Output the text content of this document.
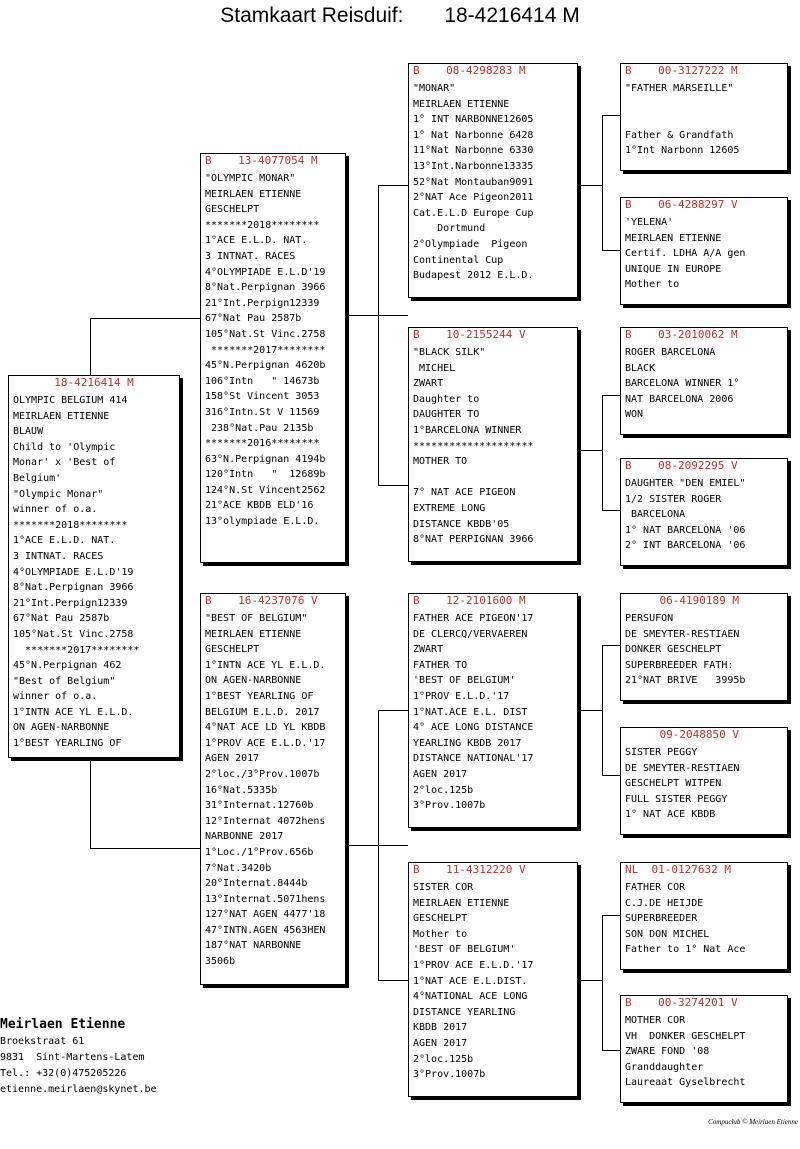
Stamkaart Reisduif:       18-4216414 M
18-4216414 M
OLYMPIC BELGIUM 414
MEIRLAEN ETIENNE
BLAUW
Child to 'Olympic
Monar' x 'Best of
Belgium'
"Olympic Monar"
winner of o.a.
*******2018********
1°ACE E.L.D. NAT.
3 INTNAT. RACES
4°OLYMPIADE E.L.D'19
8°Nat.Perpignan 3966
21°Int.Perpign12339
67°Nat Pau 2587b
105°Nat.St Vinc.2758
*******2017********
45°N.Perpignan 462
"Best of Belgium"
winner of o.a.
1°INTN ACE YL E.L.D.
ON AGEN-NARBONNE
1°BEST YEARLING OF
B    13-4077054 M
"OLYMPIC MONAR"
MEIRLAEN ETIENNE
GESCHELPT
*******2018********
1°ACE E.L.D. NAT.
3 INTNAT. RACES
4°OLYMPIADE E.L.D'19
8°Nat.Perpignan 3966
21°Int.Perpign12339
67°Nat Pau 2587b
105°Nat.St Vinc.2758
*******2017********
45°N.Perpignan 4620b
106°Intn   " 14673b
158°St Vincent 3053
316°Intn.St V 11569
238°Nat.Pau 2135b
*******2016********
63°N.Perpignan 4194b
120°Intn   "  12689b
124°N.St Vincent2562
21°ACE KBDB ELD'16
13°olympiade E.L.D.
B    16-4237076 V
"BEST OF BELGIUM"
MEIRLAEN ETIENNE
GESCHELPT
1°INTN ACE YL E.L.D.
ON AGEN-NARBONNE
1°BEST YEARLING OF
BELGIUM E.L.D. 2017
4°NAT ACE LD YL KBDB
1°PROV ACE E.L.D.'17
AGEN 2017
2°loc./3°Prov.1007b
16°Nat.5335b
31°Internat.12760b
12°Internat 4072hens
NARBONNE 2017
1°Loc./1°Prov.656b
7°Nat.3420b
20°Internat.8444b
13°Internat.5071hens
127°NAT AGEN 4477'18
47°INTN.AGEN 4563HEN
187°NAT NARBONNE
3506b
B    08-4298283 M
"MONAR"
MEIRLAEN ETIENNE
1° INT NARBONNE12605
1° Nat Narbonne 6428
11°Nat Narbonne 6330
13°Int.Narbonne13335
52°Nat Montauban9091
2°NAT Ace Pigeon2011
Cat.E.L.D Europe Cup
Dortmund
2°Olympiade  Pigeon
Continental Cup
Budapest 2012 E.L.D.
B    10-2155244 V
"BLACK SILK"
MICHEL
ZWART
Daughter to
DAUGHTER TO
1°BARCELONA WINNER
********************
MOTHER TO

7° NAT ACE PIGEON
EXTREME LONG
DISTANCE KBDB'05
8°NAT PERPIGNAN 3966
B    12-2101600 M
FATHER ACE PIGEON'17
DE CLERCQ/VERVAEREN
ZWART
FATHER TO
'BEST OF BELGIUM'
1°PROV E.L.D.'17
1°NAT.ACE E.L. DIST
4° ACE LONG DISTANCE
YEARLING KBDB 2017
DISTANCE NATIONAL'17
AGEN 2017
2°loc.125b
3°Prov.1007b
B    11-4312220 V
SISTER COR
MEIRLAEN ETIENNE
GESCHELPT
Mother to
'BEST OF BELGIUM'
1°PROV ACE E.L.D.'17
1°NAT ACE E.L.DIST.
4°NATIONAL ACE LONG
DISTANCE YEARLING
KBDB 2017
AGEN 2017
2°loc.125b
3°Prov.1007b
B    00-3127222 M
"FATHER MARSEILLE"

Father & Grandfath
1°Int Narbonn 12605
B    06-4288297 V
'YELENA'
MEIRLAEN ETIENNE
Certif. LDHA A/A gen
UNIQUE IN EUROPE
Mother to
B    03-2010062 M
ROGER BARCELONA
BLACK
BARCELONA WINNER 1°
NAT BARCELONA 2006
WON
B    08-2092295 V
DAUGHTER "DEN EMIEL"
1/2 SISTER ROGER
BARCELONA
1° NAT BARCELONA '06
2° INT BARCELONA '06
06-4190189 M
PERSUFON
DE SMEYTER-RESTIAEN
DONKER GESCHELPT
SUPERBREEDER FATH:
21°NAT BRIVE   3995b
09-2048850 V
SISTER PEGGY
DE SMEYTER-RESTIAEN
GESCHELPT WITPEN
FULL SISTER PEGGY
1° NAT ACE KBDB
NL  01-0127632 M
FATHER COR
C.J.DE HEIJDE
SUPERBREEDER
SON DON MICHEL
Father to 1° Nat Ace
B    00-3274201 V
MOTHER COR
VH  DONKER GESCHELPT
ZWARE FOND '08
Granddaughter
Laureaat Gyselbrecht
Meirlaen Etienne
Broekstraat 61
9831  Sint-Martens-Latem
Tel.: +32(0)475205226
etienne.meirlaen@skynet.be
Compuclub © Meirlaen Etienne
